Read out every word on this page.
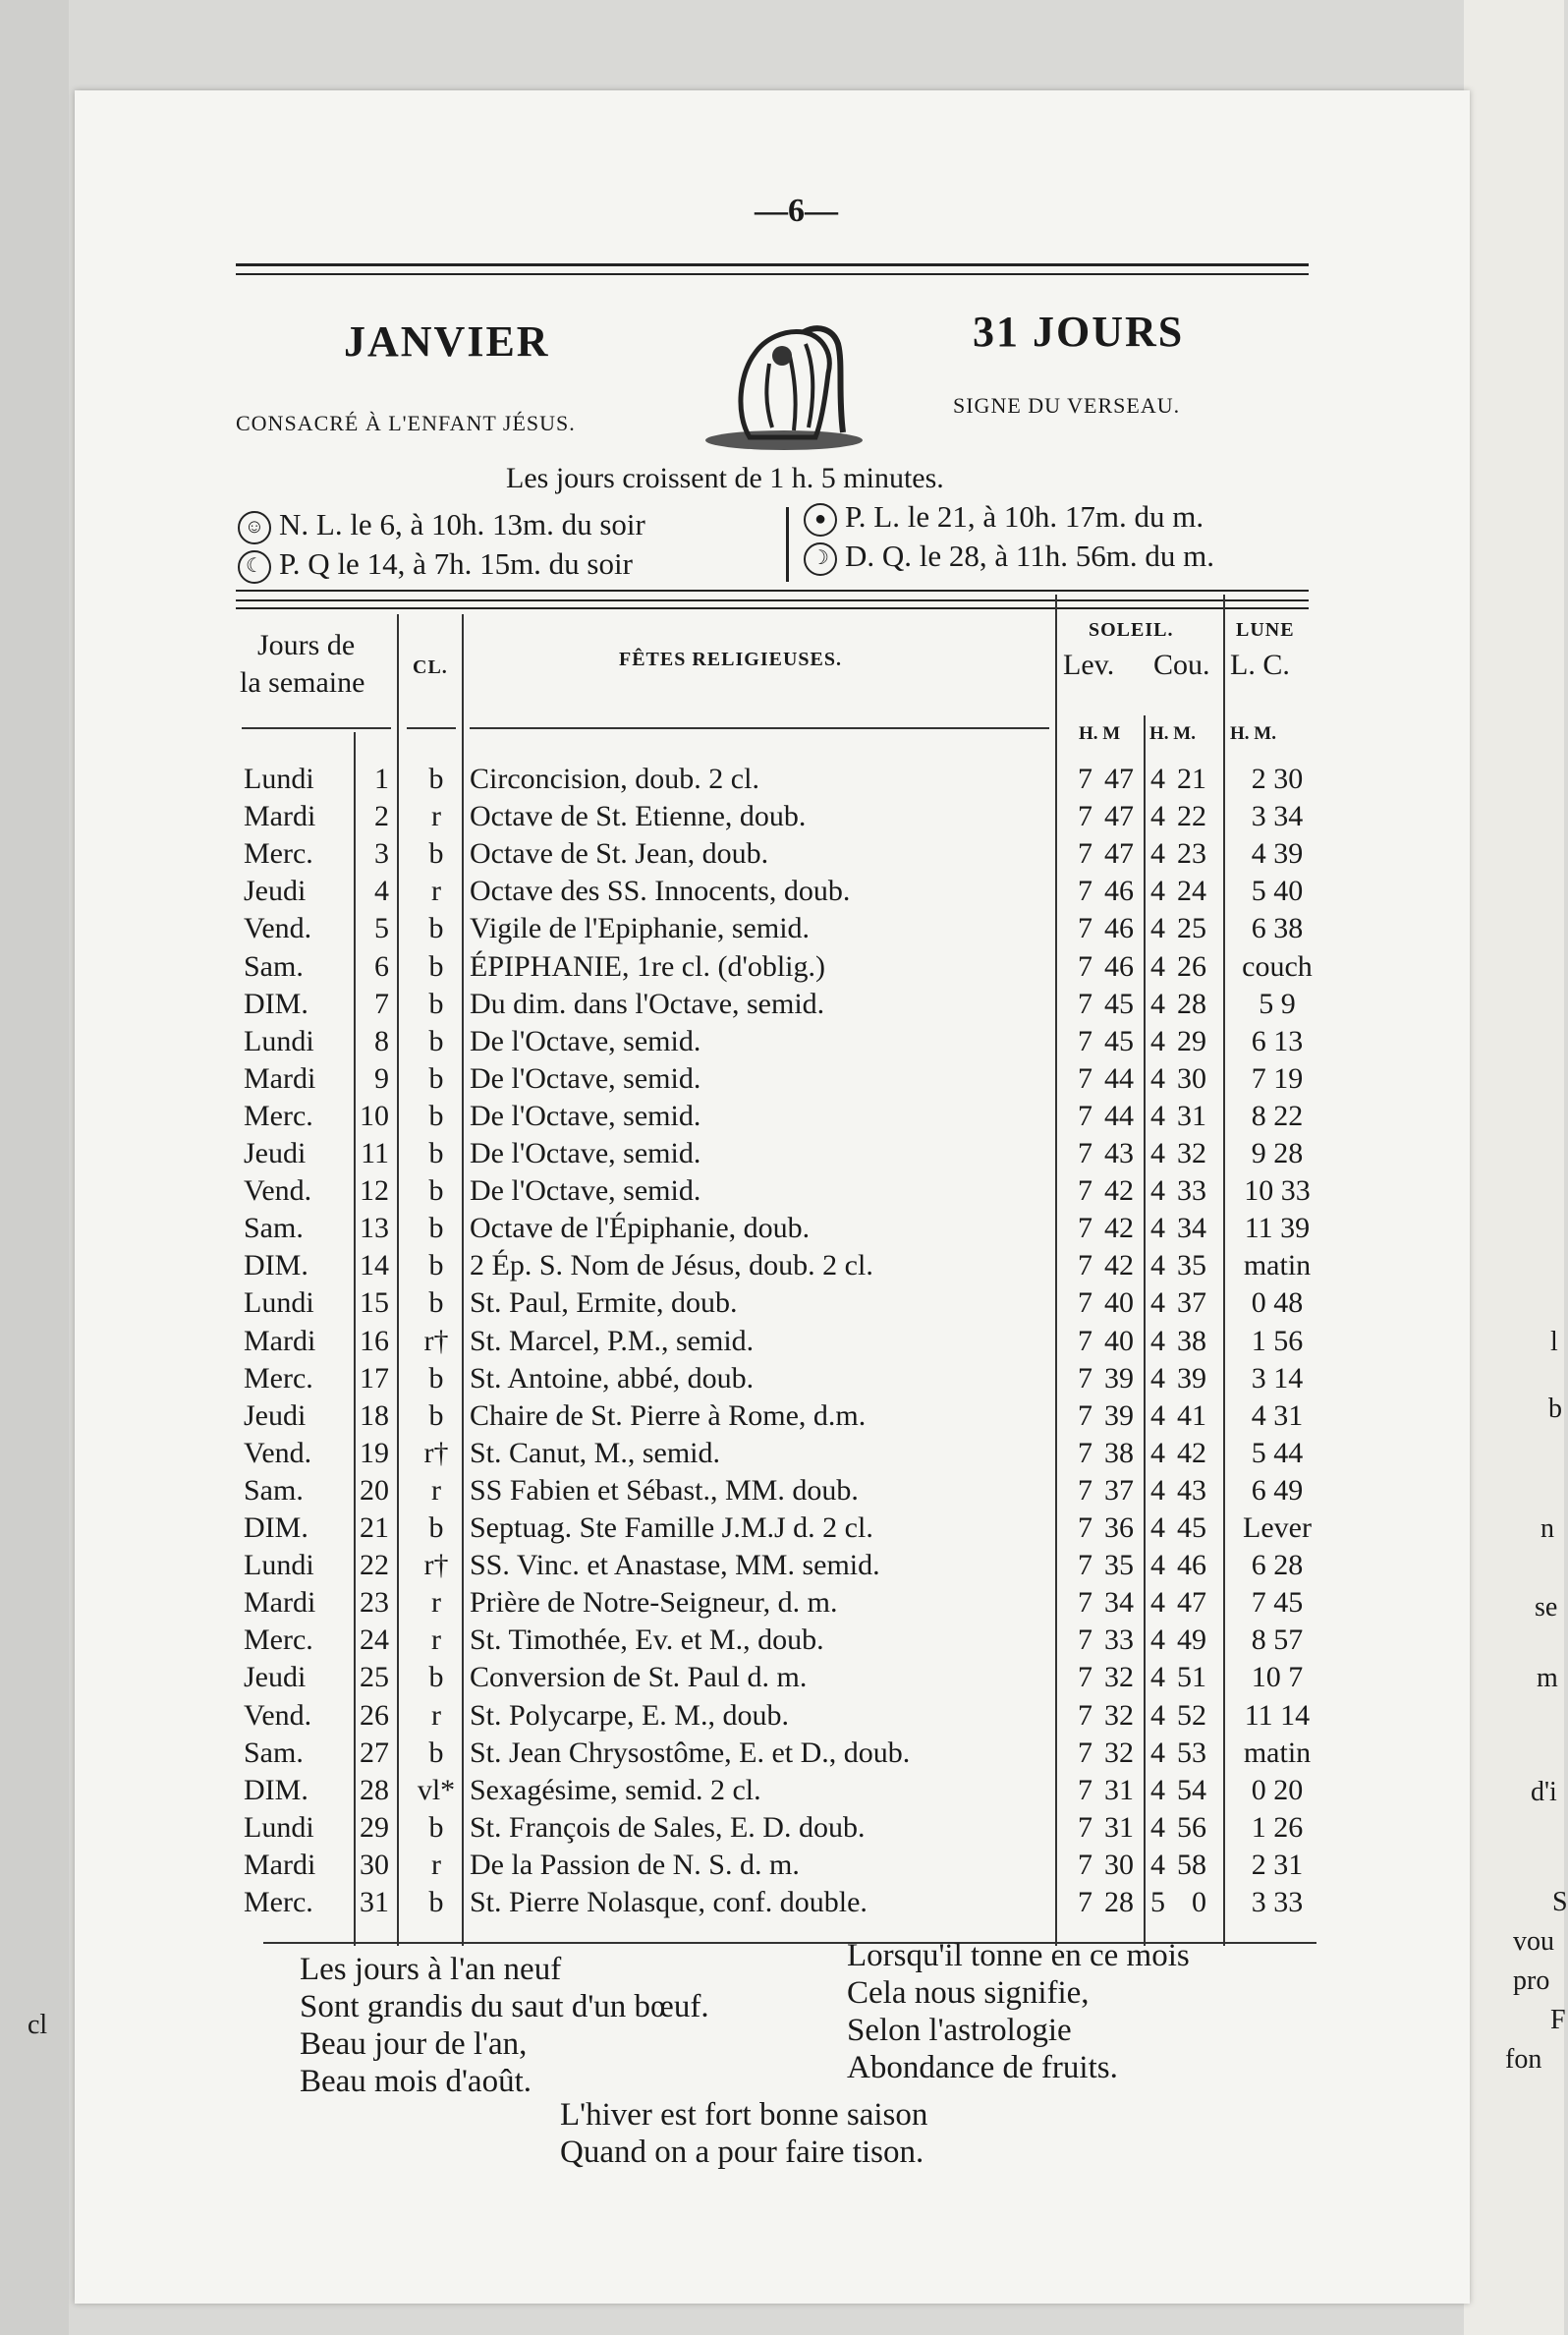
cl
l
b
n
se
m
d'i
S
vou
pro
F
fon
—6—
JANVIER	31 JOURS
CONSACRÉ À L'ENFANT JÉSUS.
SIGNE DU VERSEAU.
Les jours croissent de 1 h. 5 minutes.
☺ N. L. le 6, à 10h. 13m. du soir
☾ P. Q le 14, à 7h. 15m. du soir
● P. L. le 21, à 10h. 17m. du m.
☽ D. Q. le 28, à 11h. 56m. du m.
Jours de
la semaine CL.	FÊTES RELIGIEUSES.
SOLEIL.
Lev. Cou.
LUNE
L. C.
H. M H. M. H. M.
Lundi	1	b Circoncision, doub. 2 cl.	7 47 4 21	2 30
Mardi	2	r Octave de St. Etienne, doub.	7 47 4 22	3 34
Merc.	3	b Octave de St. Jean, doub.	7 47 4 23	4 39
Jeudi	4	r Octave des SS. Innocents, doub.	7 46 4 24	5 40
Vend.	5	b Vigile de l'Epiphanie, semid.	7 46 4 25	6 38
Sam.	6	b ÉPIPHANIE, 1re cl. (d'oblig.)	7 46 4 26	couch
DIM.	7	b Du dim. dans l'Octave, semid.	7 45 4 28	5 9
Lundi	8	b De l'Octave, semid.	7 45 4 29	6 13
Mardi	9	b De l'Octave, semid.	7 44 4 30	7 19
Merc. 10	b De l'Octave, semid.	7 44 4 31	8 22
Jeudi 11	b De l'Octave, semid.	7 43 4 32	9 28
Vend. 12	b De l'Octave, semid.	7 42 4 33	10 33
Sam. 13	b Octave de l'Épiphanie, doub.	7 42 4 34	11 39
DIM. 14	b 2 Ép. S. Nom de Jésus, doub. 2 cl.	7 42 4 35	matin
Lundi 15	b St. Paul, Ermite, doub.	7 40 4 37	0 48
Mardi 16 r† St. Marcel, P.M., semid.	7 40 4 38	1 56
Merc. 17	b St. Antoine, abbé, doub.	7 39 4 39	3 14
Jeudi 18	b Chaire de St. Pierre à Rome, d.m.	7 39 4 41	4 31
Vend. 19 r† St. Canut, M., semid.	7 38 4 42	5 44
Sam. 20	r SS Fabien et Sébast., MM. doub.	7 37 4 43	6 49
DIM. 21	b Septuag. Ste Famille J.M.J d. 2 cl.	7 36 4 45	Lever
Lundi 22 r† SS. Vinc. et Anastase, MM. semid.	7 35 4 46	6 28
Mardi 23	r Prière de Notre-Seigneur, d. m.	7 34 4 47	7 45
Merc. 24	r St. Timothée, Ev. et M., doub.	7 33 4 49	8 57
Jeudi 25	b Conversion de St. Paul d. m.	7 32 4 51	10 7
Vend. 26	r St. Polycarpe, E. M., doub.	7 32 4 52	11 14
Sam. 27	b St. Jean Chrysostôme, E. et D., doub.	7 32 4 53	matin
DIM. 28 vl* Sexagésime, semid. 2 cl.	7 31 4 54	0 20
Lundi 29	b St. François de Sales, E. D. doub.	7 31 4 56	1 26
Mardi 30	r De la Passion de N. S. d. m.	7 30 4 58	2 31
Merc. 31	b St. Pierre Nolasque, conf. double.	7 28 5 0	3 33
Les jours à l'an neuf
Sont grandis du saut d'un bœuf.
Beau jour de l'an,
Beau mois d'août.
Lorsqu'il tonne en ce mois
Cela nous signifie,
Selon l'astrologie
Abondance de fruits.
L'hiver est fort bonne saison
Quand on a pour faire tison.
